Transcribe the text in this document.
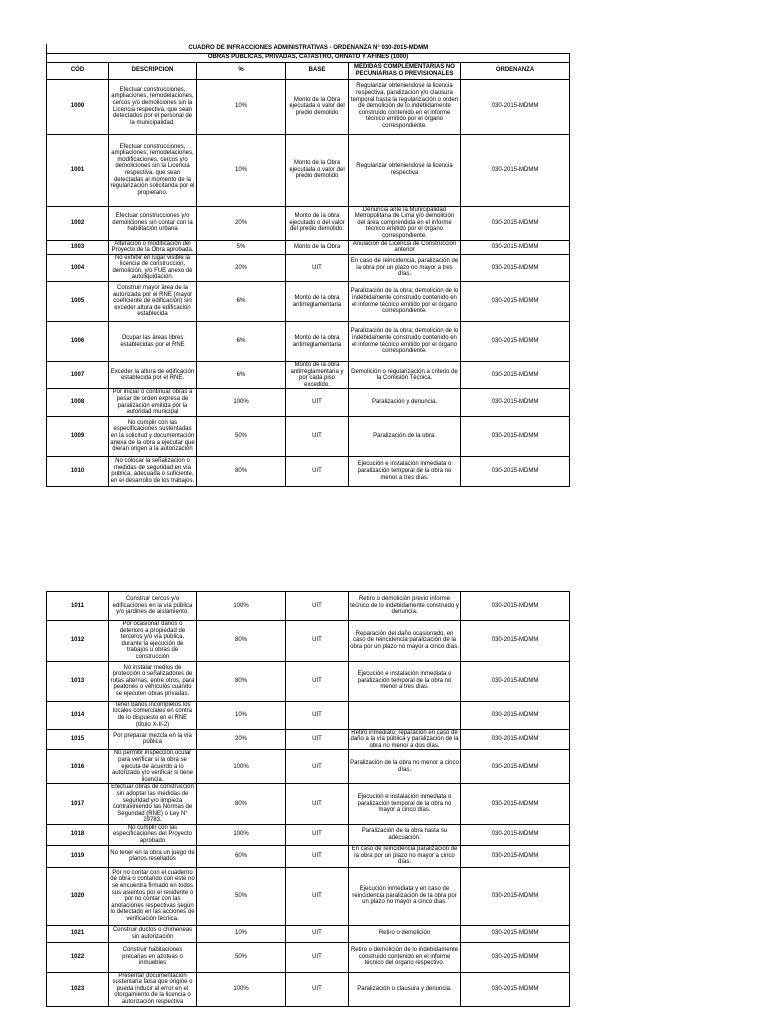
CUADRO DE INFRACCIONES ADMINISTRATIVAS - ORDENANZA N° 030-2015-MDMM					
OBRAS PUBLICAS, PRIVADAS, CATASTRO, ORNATO Y AFINES (1000)					
CÓD	DESCRIPCION	%	BASE	MEDIDAS COMPLEMENTARIAS NO PECUNIARIAS O PREVISIONALES	ORDENANZA
1000	Efectuar construcciones, ampliaciones, remodelaciones, cercos y/o demoliciones sin la Licencia respectiva, que sean detectados por el personal de la municipalidad.	10%	Monto de la Obra ejecutada o valor del predio demolido	Regularizar obteniendose la licencia respectiva, paralizacion y/o clausura temporal hasta la regularización o orden de demolición de lo indebidamente construido contenido en el informe técnico emitido por el órgano correspondiente.	030-2015-MDMM
1001	Efectuar construcciones, ampliaciones, remodelaciones, modificaciones, cercos y/o demoliciones sin la Licencia respectiva, que sean detectadas al momento de la regularización solicitanda por el propietario.	10%	Monto de la Obra ejecutada o valor del predio demolido	Regularizar obteniendose la licencia respectiva	030-2015-MDMM
1002	Efectuar construcciones y/o demoliciones sin contar con la habilitación urbana	20%	Monto de la obra ejecutado o del valor del predio demolido.	Denuncia ante la Municipalidad Metropolitana de Lima y/o demolición del área comprendida en el informe técnico emitido por el órgano correspondiente.	030-2015-MDMM
1003	Alteración o modificación del Proyecto de la Obra aprobada.	5%	Monto de la Obra	Anulación de Licencia de Construcción anterior	030-2015-MDMM
1004	No exhibir en lugar visible la licencia de construcción, demolición, y/o FUE anexo de autoliquidación.	20%	UIT	En caso de reincidencia, paralización de la obra por un plazo no mayor a tres días.	030-2015-MDMM
1005	Construir mayor área de la autorizada por el RNE (mayor coeficiente de edificación) sin exceder altura de edificación establecida	6%	Monto de la obra antirreglamentaria	Paralización de la obra; demolición de lo indebidamente construido contenido en el informe técnico emitido por el órgano correspondiente.	030-2015-MDMM
1006	Ocupar las áreas libres establecidas por el RNE	6%	Monto de la obra antirreglamentaria	Paralización de la obra; demolición de lo indebidamente construido contenido en el informe técnico emitido por el órgano correspondiente.	030-2015-MDMM
1007	Exceder la altura de edificación establecida por el RNE.	6%	Monto de la obra antirreglamentaria y por cada piso excedido.	Demolición o regularización a criterio de la Comisión Técnica.	030-2015-MDMM
1008	Por iniciar o continuar obras a pesar de orden expresa de paralización emitida por la autoridad municipal	100%	UIT	Paralización y denuncia.	030-2015-MDMM
1009	No cumplir con las especificaciones sustentadas en la solicitud y documentación anexa de la obra a ejecutar que dieran origen a la autorización	50%	UIT	Paralización de la obra.	030-2015-MDMM
1010	No colocar la señalizacion o medidas de seguridad en vía publica, adecuada o suficiente, en el desarrollo de los trabajos.	80%	UIT	Ejecución e instalación inmediata o paralización temporal de la obra no menor a tres días.	030-2015-MDMM
1011	Construir cercos y/o edificaciones en la vía pública y/o jardines de aislamiento.	100%	UIT	Retiro o demolición previo informe técnico de lo indebidamente construido y denuncia.	030-2015-MDMM
1012	Por ocasionar daños o deterioro a propiedad de terceros y/o vía pública, durante la ejecución de trabajos u obras de construcción	80%	UIT	Reparación del daño ocasionado, en caso de reincidencia paralización de la obra por un plazo no mayor a cinco días.	030-2015-MDMM
1013	No instalar medios de protección o señalizadores de rutas alternas, entre otros, para peatones o vehículos cuando se ejecuten obras privadas.	80%	UIT	Ejecución e instalación inmediata o paralización temporal de la obra no menor a tres días.	030-2015-MDMM
1014	Tener baños incompletos los locales comerciales en contra de lo dispuesto en el RNE (título X-II-2)	10%	UIT		030-2015-MDMM
1015	Por preparar mezcla en la vía pública	20%	UIT	Retiro inmediato; reparación en caso de daño a la vía pública y paralización de la obra no menor a dos días.	030-2015-MDMM
1016	No permitir inspección ocular para verificar si la obra se ejecuta de acuerdo a lo autorizado y/o verificar si tiene licencia.	100%	UIT	Paralización de la obra no menor a cinco días.	030-2015-MDMM
1017	Efectuar obras de construcción sin adoptar las medidas de seguridad y/o limpieza contraviniendo las Normas de Seguridad (RNE) o Ley N° 29783.	80%	UIT	Ejecución e instalación inmediata o paralización temporal de la obra no mayor a cinco días.	030-2015-MDMM
1018	No cumplir con las especificaciones del Proyecto aprobado	100%	UIT	Paralización de la obra hasta su adecuación.	030-2015-MDMM
1019	No tener en la obra un juego de planos resellados	60%	UIT	En caso de reincidencia paralización de la obra por un plazo no mayor a cinco días.	030-2015-MDMM
1020	Por no contar con el cuaderno de obra o contando con este no se encuentra firmado en todos sus asientos por el residente o por no contar con las anotaciones respectivas según lo detectado en las acciones de verificación técnica.	50%	UIT	Ejecución inmediata y en caso de reincidencia paralización de la obra por un plazo no mayor a cinco días.	030-2015-MDMM
1021	Construir ductos o chimeneas sin autorización	10%	UIT	Retiro o demolición	030-2015-MDMM
1022	Construir habitaciones precarias en azoteas o inmuebles	50%	UIT	Retiro o demolición de lo indebidamente construido contenido en el informe técnico del órgano respectivo.	030-2015-MDMM
1023	Presentar documentación sustentaria falsa que origine o pueda inducir al error en el otorgamiento de la licencia o autorización respectiva	100%	UIT	Paralización o clausura y denuncia.	030-2015-MDMM
